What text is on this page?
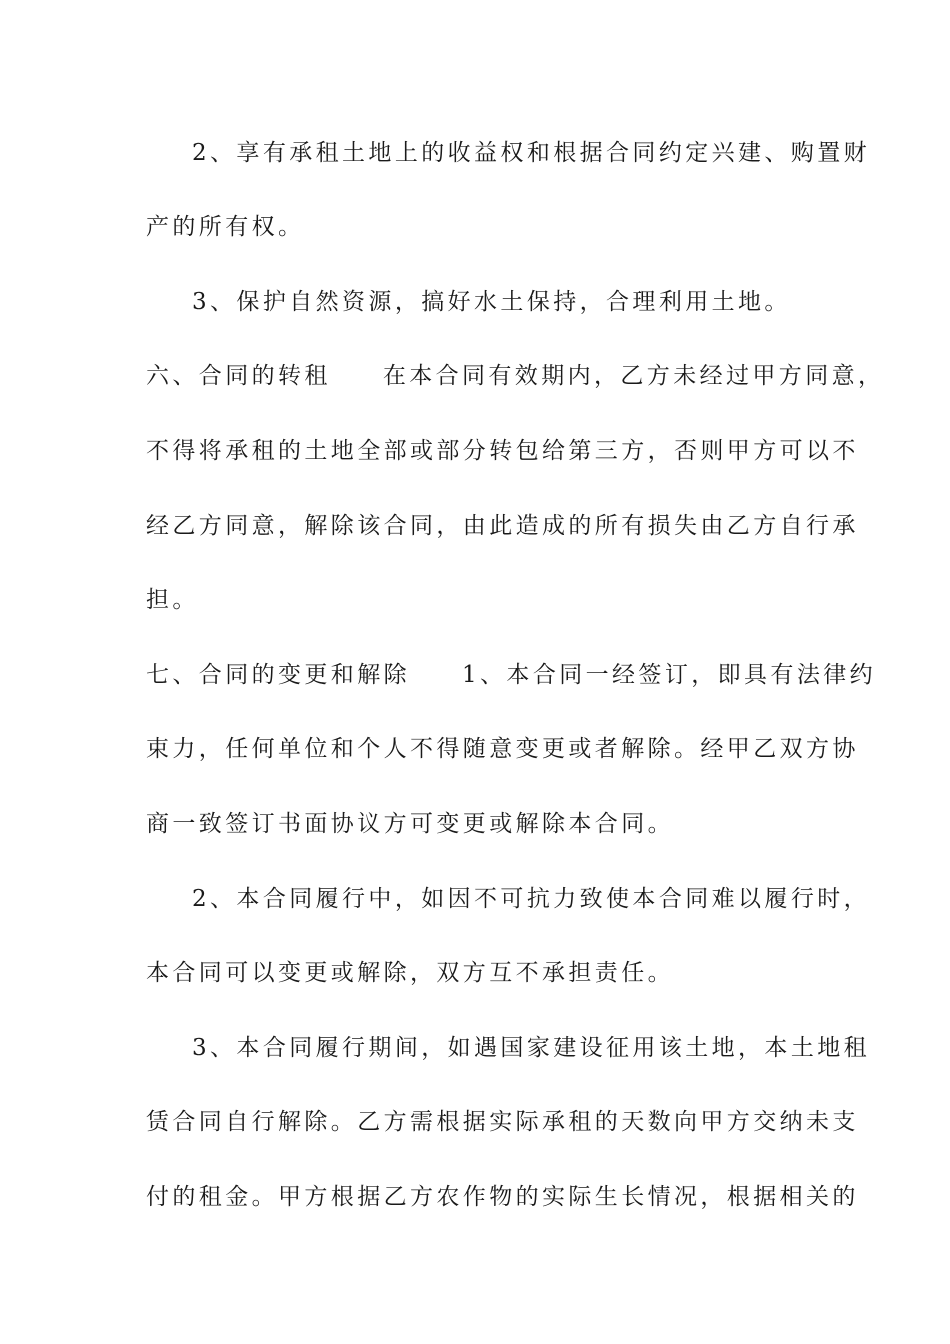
2、享有承租土地上的收益权和根据合同约定兴建、购置财
产的所有权。
3、保护自然资源，搞好水土保持，合理利用土地。
六、合同的转租 在本合同有效期内，乙方未经过甲方同意，
不得将承租的土地全部或部分转包给第三方，否则甲方可以不
经乙方同意，解除该合同，由此造成的所有损失由乙方自行承
担。
七、合同的变更和解除 1、本合同一经签订，即具有法律约
束力，任何单位和个人不得随意变更或者解除。经甲乙双方协
商一致签订书面协议方可变更或解除本合同。
2、本合同履行中，如因不可抗力致使本合同难以履行时，
本合同可以变更或解除，双方互不承担责任。
3、本合同履行期间，如遇国家建设征用该土地，本土地租
赁合同自行解除。乙方需根据实际承租的天数向甲方交纳未支
付的租金。甲方根据乙方农作物的实际生长情况，根据相关的
